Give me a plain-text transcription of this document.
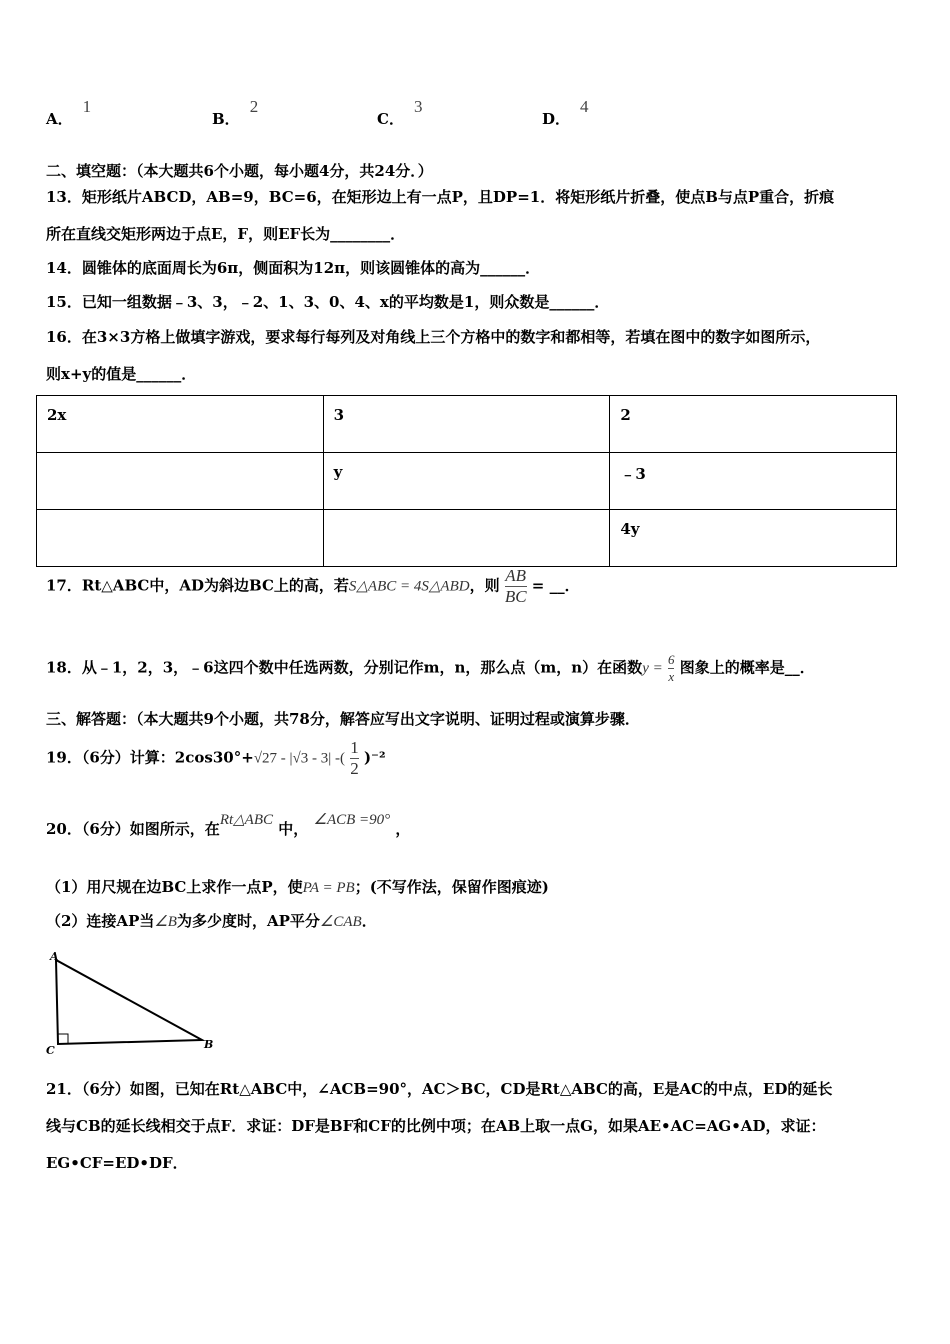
A．1
B．2
C．3
D．4
二、填空题：（本大题共6个小题，每小题4分，共24分．）
13．矩形纸片ABCD，AB=9，BC=6，在矩形边上有一点P，且DP=1．将矩形纸片折叠，使点B与点P重合，折痕
所在直线交矩形两边于点E，F，则EF长为________．
14．圆锥体的底面周长为6π，侧面积为12π，则该圆锥体的高为______．
15．已知一组数据﹣3、3，﹣2、1、3、0、4、x的平均数是1，则众数是______．
16．在3×3方格上做填字游戏，要求每行每列及对角线上三个方格中的数字和都相等，若填在图中的数字如图所示，
则x+y的值是______．
2x	3	2
	y	﹣3
		4y
17．Rt△ABC中，AD为斜边BC上的高，若S△ABC = 4S△ABD，则 $\frac{AB}{BC}$ = __．
18．从﹣1，2，3，﹣6这四个数中任选两数，分别记作m，n，那么点（m，n）在函数$y = \frac{6}{x}$ 图象上的概率是__．
三、解答题：（本大题共9个小题，共78分，解答应写出文字说明、证明过程或演算步骤．
19．（6分）计算：2cos30°+√27 - |√3 - 3| -( $\frac{1}{2} )^{-2}$
20．（6分）如图所示，在Rt△ABC 中， ∠ACB =90° ，
（1）用尺规在边BC上求作一点P，使PA = PB；(不写作法，保留作图痕迹)
（2）连接AP当∠B为多少度时，AP平分∠CAB．
A
C	B
21．（6分）如图，已知在Rt△ABC中，∠ACB=90°，AC＞BC，CD是Rt△ABC的高，E是AC的中点，ED的延长
线与CB的延长线相交于点F．求证：DF是BF和CF的比例中项；在AB上取一点G，如果AE•AC=AG•AD，求证：
EG•CF=ED•DF．
